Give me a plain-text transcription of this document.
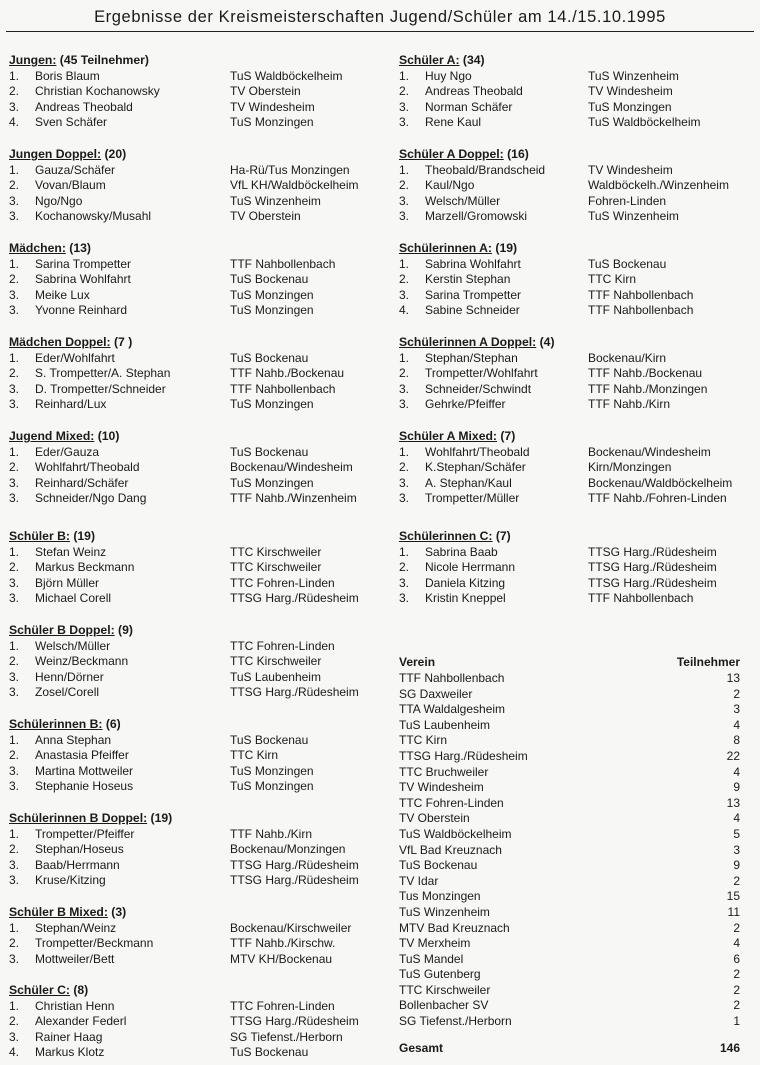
Ergebnisse der Kreismeisterschaften Jugend/Schüler am 14./15.10.1995
Jungen: (45 Teilnehmer)
1. Boris Blaum	TuS Waldböckelheim
2. Christian Kochanowsky	TV Oberstein
3. Andreas Theobald	TV Windesheim
4. Sven Schäfer	TuS Monzingen
Jungen Doppel: (20)
1. Gauza/Schäfer	Ha-Rü/Tus Monzingen
2. Vovan/Blaum	VfL KH/Waldböckelheim
3. Ngo/Ngo	TuS Winzenheim
3. Kochanowsky/Musahl	TV Oberstein
Mädchen: (13)
1. Sarina Trompetter	TTF Nahbollenbach
2. Sabrina Wohlfahrt	TuS Bockenau
3. Meike Lux	TuS Monzingen
3. Yvonne Reinhard	TuS Monzingen
Mädchen Doppel: (7 )
1. Eder/Wohlfahrt	TuS Bockenau
2. S. Trompetter/A. Stephan	TTF Nahb./Bockenau
3. D. Trompetter/Schneider	TTF Nahbollenbach
3. Reinhard/Lux	TuS Monzingen
Jugend Mixed: (10)
1. Eder/Gauza	TuS Bockenau
2. Wohlfahrt/Theobald	Bockenau/Windesheim
3. Reinhard/Schäfer	TuS Monzingen
3. Schneider/Ngo Dang	TTF Nahb./Winzenheim
Schüler B: (19)
1. Stefan Weinz	TTC Kirschweiler
2. Markus Beckmann	TTC Kirschweiler
3. Björn Müller	TTC Fohren-Linden
3. Michael Corell	TTSG Harg./Rüdesheim
Schüler B Doppel: (9)
1. Welsch/Müller	TTC Fohren-Linden
2. Weinz/Beckmann	TTC Kirschweiler
3. Henn/Dörner	TuS Laubenheim
3. Zosel/Corell	TTSG Harg./Rüdesheim
Schülerinnen B: (6)
1. Anna Stephan	TuS Bockenau
2. Anastasia Pfeiffer	TTC Kirn
3. Martina Mottweiler	TuS Monzingen
3. Stephanie Hoseus	TuS Monzingen
Schülerinnen B Doppel: (19)
1. Trompetter/Pfeiffer	TTF Nahb./Kirn
2. Stephan/Hoseus	Bockenau/Monzingen
3. Baab/Herrmann	TTSG Harg./Rüdesheim
3. Kruse/Kitzing	TTSG Harg./Rüdesheim
Schüler B Mixed: (3)
1. Stephan/Weinz	Bockenau/Kirschweiler
2. Trompetter/Beckmann	TTF Nahb./Kirschw.
3. Mottweiler/Bett	MTV KH/Bockenau
Schüler C: (8)
1. Christian Henn	TTC Fohren-Linden
2. Alexander Federl	TTSG Harg./Rüdesheim
3. Rainer Haag	SG Tiefenst./Herborn
4. Markus Klotz	TuS Bockenau
Schüler A: (34)
1. Huy Ngo	TuS Winzenheim
2. Andreas Theobald	TV Windesheim
3. Norman Schäfer	TuS Monzingen
3. Rene Kaul	TuS Waldböckelheim
Schüler A Doppel: (16)
1. Theobald/Brandscheid	TV Windesheim
2. Kaul/Ngo	Waldböckelh./Winzenheim
3. Welsch/Müller	Fohren-Linden
3. Marzell/Gromowski	TuS Winzenheim
Schülerinnen A: (19)
1. Sabrina Wohlfahrt	TuS Bockenau
2. Kerstin Stephan	TTC Kirn
3. Sarina Trompetter	TTF Nahbollenbach
4. Sabine Schneider	TTF Nahbollenbach
Schülerinnen A Doppel: (4)
1. Stephan/Stephan	Bockenau/Kirn
2. Trompetter/Wohlfahrt	TTF Nahb./Bockenau
3. Schneider/Schwindt	TTF Nahb./Monzingen
3. Gehrke/Pfeiffer	TTF Nahb./Kirn
Schüler A Mixed: (7)
1. Wohlfahrt/Theobald	Bockenau/Windesheim
2. K.Stephan/Schäfer	Kirn/Monzingen
3. A. Stephan/Kaul	Bockenau/Waldböckelheim
3. Trompetter/Müller	TTF Nahb./Fohren-Linden
Schülerinnen C: (7)
1. Sabrina Baab	TTSG Harg./Rüdesheim
2. Nicole Herrmann	TTSG Harg./Rüdesheim
3. Daniela Kitzing	TTSG Harg./Rüdesheim
3. Kristin Kneppel	TTF Nahbollenbach
Verein	Teilnehmer
TTF Nahbollenbach	13
SG Daxweiler	2
TTA Waldalgesheim	3
TuS Laubenheim	4
TTC Kirn	8
TTSG Harg./Rüdesheim	22
TTC Bruchweiler	4
TV Windesheim	9
TTC Fohren-Linden	13
TV Oberstein	4
TuS Waldböckelheim	5
VfL Bad Kreuznach	3
TuS Bockenau	9
TV Idar	2
Tus Monzingen	15
TuS Winzenheim	11
MTV Bad Kreuznach	2
TV Merxheim	4
TuS Mandel	6
TuS Gutenberg	2
TTC Kirschweiler	2
Bollenbacher SV	2
SG Tiefenst./Herborn	1
Gesamt	146
